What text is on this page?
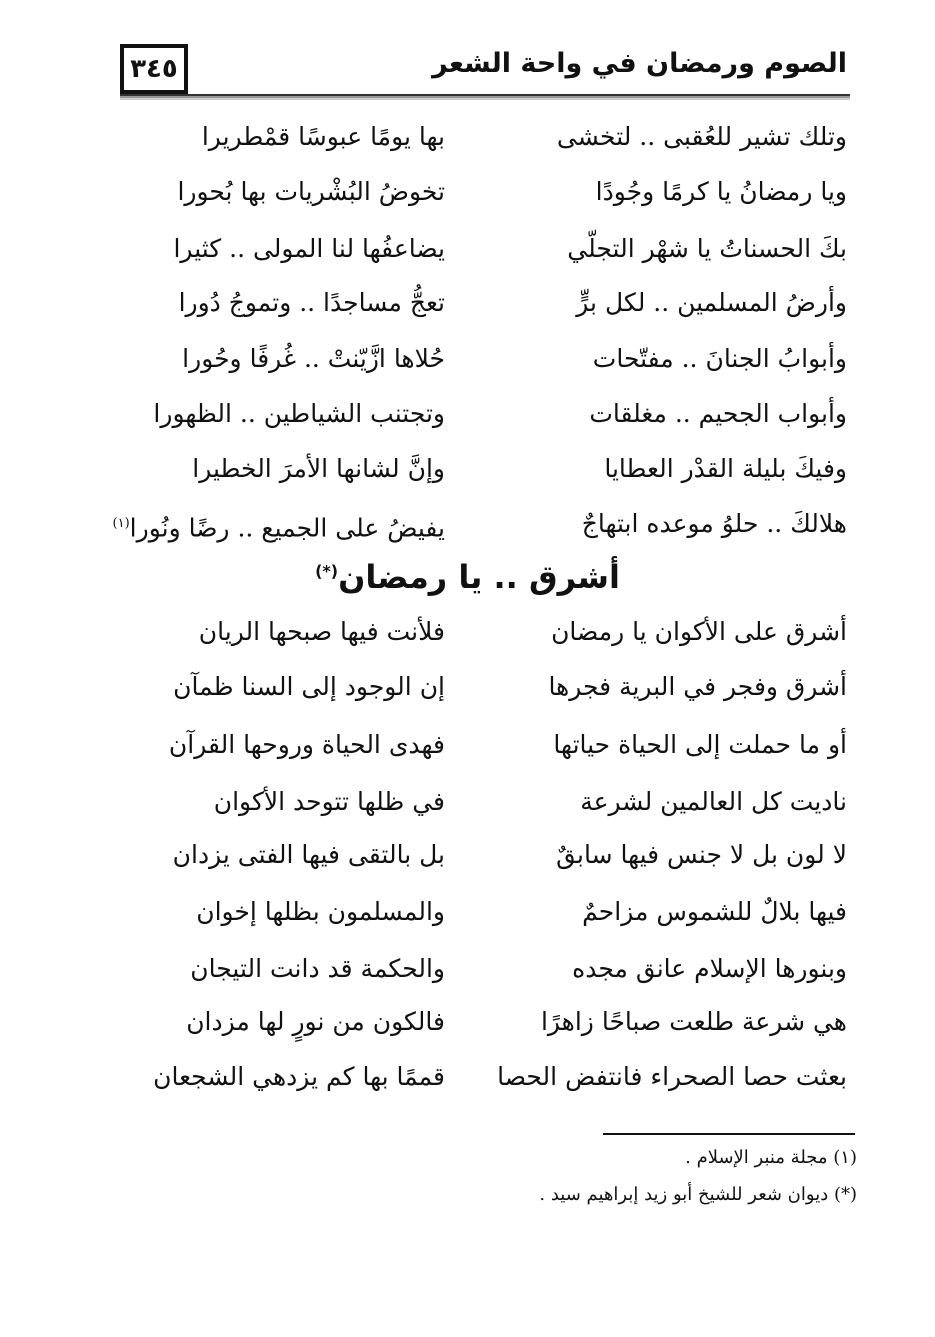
الصوم ورمضان في واحة الشعر
٣٤٥
وتلك تشير للعُقبى .. لتخشى
بها يومًا عبوسًا قمْطريرا
ويا رمضانُ يا كرمًا وجُودًا
تخوضُ البُشْريات بها بُحورا
بكَ الحسناتُ يا شهْر التجلّي
يضاعفُها لنا المولى .. كثيرا
وأرضُ المسلمين .. لكل برٍّ
تعجُّ مساجدًا .. وتموجُ دُورا
وأبوابُ الجنانَ .. مفتّحات
حُلاها ازَّيّنتْ .. غُرفًا وحُورا
وأبواب الجحيم .. مغلقات
وتجتنب الشياطين .. الظهورا
وفيكَ بليلة القدْر العطايا
وإنَّ لشانها الأمرَ الخطيرا
هلالكَ .. حلوُ موعده ابتهاجٌ
يفيضُ على الجميع .. رضًا ونُورا$^{(١)}$
أشرق .. يا رمضان(*)
أشرق على الأكوان يا رمضان
فلأنت فيها صبحها الريان
أشرق وفجر في البرية فجرها
إن الوجود إلى السنا ظمآن
أو ما حملت إلى الحياة حياتها
فهدى الحياة وروحها القرآن
ناديت كل العالمين لشرعة
في ظلها تتوحد الأكوان
لا لون بل لا جنس فيها سابقٌ
بل بالتقى فيها الفتى يزدان
فيها بلالٌ للشموس مزاحمٌ
والمسلمون بظلها إخوان
وبنورها الإسلام عانق مجده
والحكمة قد دانت التيجان
هي شرعة طلعت صباحًا زاهرًا
فالكون من نورٍ لها مزدان
بعثت حصا الصحراء فانتفض الحصا
قممًا بها كم يزدهي الشجعان
(١) مجلة منبر الإسلام .
(*) ديوان شعر للشيخ أبو زيد إبراهيم سيد .
